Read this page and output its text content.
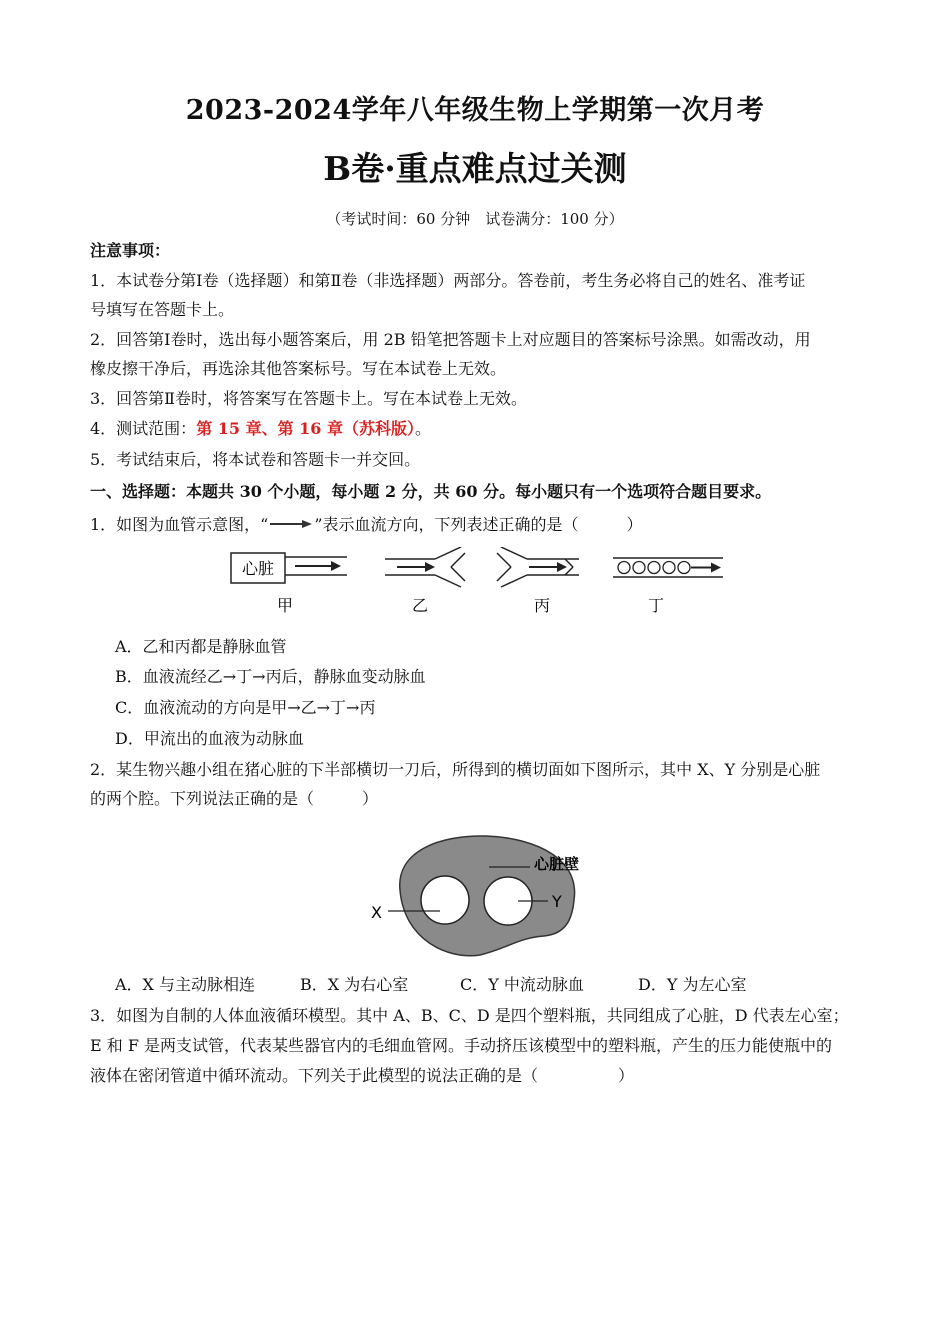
2023-2024学年八年级生物上学期第一次月考
B卷·重点难点过关测
（考试时间：60 分钟　试卷满分：100 分）
注意事项：
1．本试卷分第Ⅰ卷（选择题）和第Ⅱ卷（非选择题）两部分。答卷前，考生务必将自己的姓名、准考证
号填写在答题卡上。
2．回答第Ⅰ卷时，选出每小题答案后，用 2B 铅笔把答题卡上对应题目的答案标号涂黑。如需改动，用
橡皮擦干净后，再选涂其他答案标号。写在本试卷上无效。
3．回答第Ⅱ卷时，将答案写在答题卡上。写在本试卷上无效。
4．测试范围：第 15 章、第 16 章（苏科版）。
5．考试结束后，将本试卷和答题卡一并交回。
一、选择题：本题共 30 个小题，每小题 2 分，共 60 分。每小题只有一个选项符合题目要求。
1．如图为血管示意图，“	”表示血流方向，下列表述正确的是（　　　）
心脏
甲	乙	丙	丁
A．乙和丙都是静脉血管
B．血液流经乙→丁→丙后，静脉血变动脉血
C．血液流动的方向是甲→乙→丁→丙
D．甲流出的血液为动脉血
2．某生物兴趣小组在猪心脏的下半部横切一刀后，所得到的横切面如下图所示，其中 X、Y 分别是心脏
的两个腔。下列说法正确的是（　　　）
心脏壁
X
Y
A．X 与主动脉相连	B．X 为右心室	C．Y 中流动脉血	D．Y 为左心室
3．如图为自制的人体血液循环模型。其中 A、B、C、D 是四个塑料瓶，共同组成了心脏，D 代表左心室；
E 和 F 是两支试管，代表某些器官内的毛细血管网。手动挤压该模型中的塑料瓶，产生的压力能使瓶中的
液体在密闭管道中循环流动。下列关于此模型的说法正确的是（　　　　　）
